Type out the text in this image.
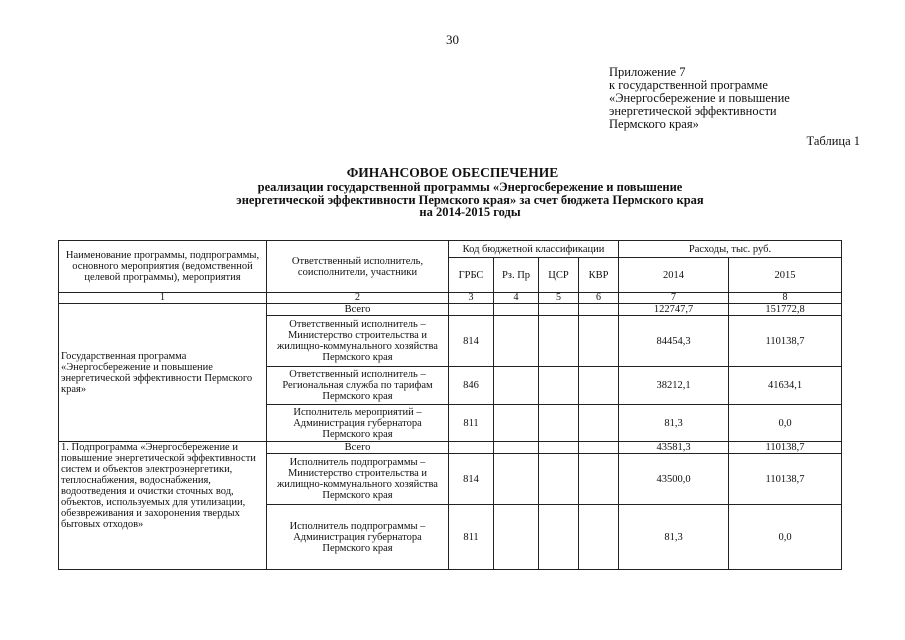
30
Приложение 7
к государственной программе
«Энергосбережение и повышение
энергетической эффективности
Пермского края»
Таблица 1
ФИНАНСОВОЕ ОБЕСПЕЧЕНИЕ
реализации государственной программы «Энергосбережение и повышение
энергетической эффективности Пермского края» за счет бюджета Пермского края
на 2014-2015 годы
Наименование программы, подпрограммы, основного мероприятия (ведомственной целевой программы), мероприятия	Ответственный исполнитель, соисполнители, участники	Код бюджетной классификации				Расходы, тыс. руб.	
		ГРБС	Рз. Пр	ЦСР	КВР	2014	2015
1	2	3	4	5	6	7	8
Государственная программа «Энергосбережение и повышение энергетической эффективности Пермского края»	Всего					122747,7	151772,8
	Ответственный исполнитель – Министерство строительства и жилищно-коммунального хозяйства Пермского края	814				84454,3	110138,7
	Ответственный исполнитель – Региональная служба по тарифам Пермского края	846				38212,1	41634,1
	Исполнитель мероприятий – Администрация губернатора Пермского края	811				81,3	0,0
1. Подпрограмма «Энергосбережение и повышение энергетической эффективности систем и объектов электроэнергетики, теплоснабжения, водоснабжения, водоотведения и очистки сточных вод, объектов, используемых для утилизации, обезвреживания и захоронения твердых бытовых отходов»	Всего					43581,3	110138,7
	Исполнитель подпрограммы – Министерство строительства и жилищно-коммунального хозяйства Пермского края	814				43500,0	110138,7
	Исполнитель подпрограммы – Администрация губернатора Пермского края	811				81,3	0,0
